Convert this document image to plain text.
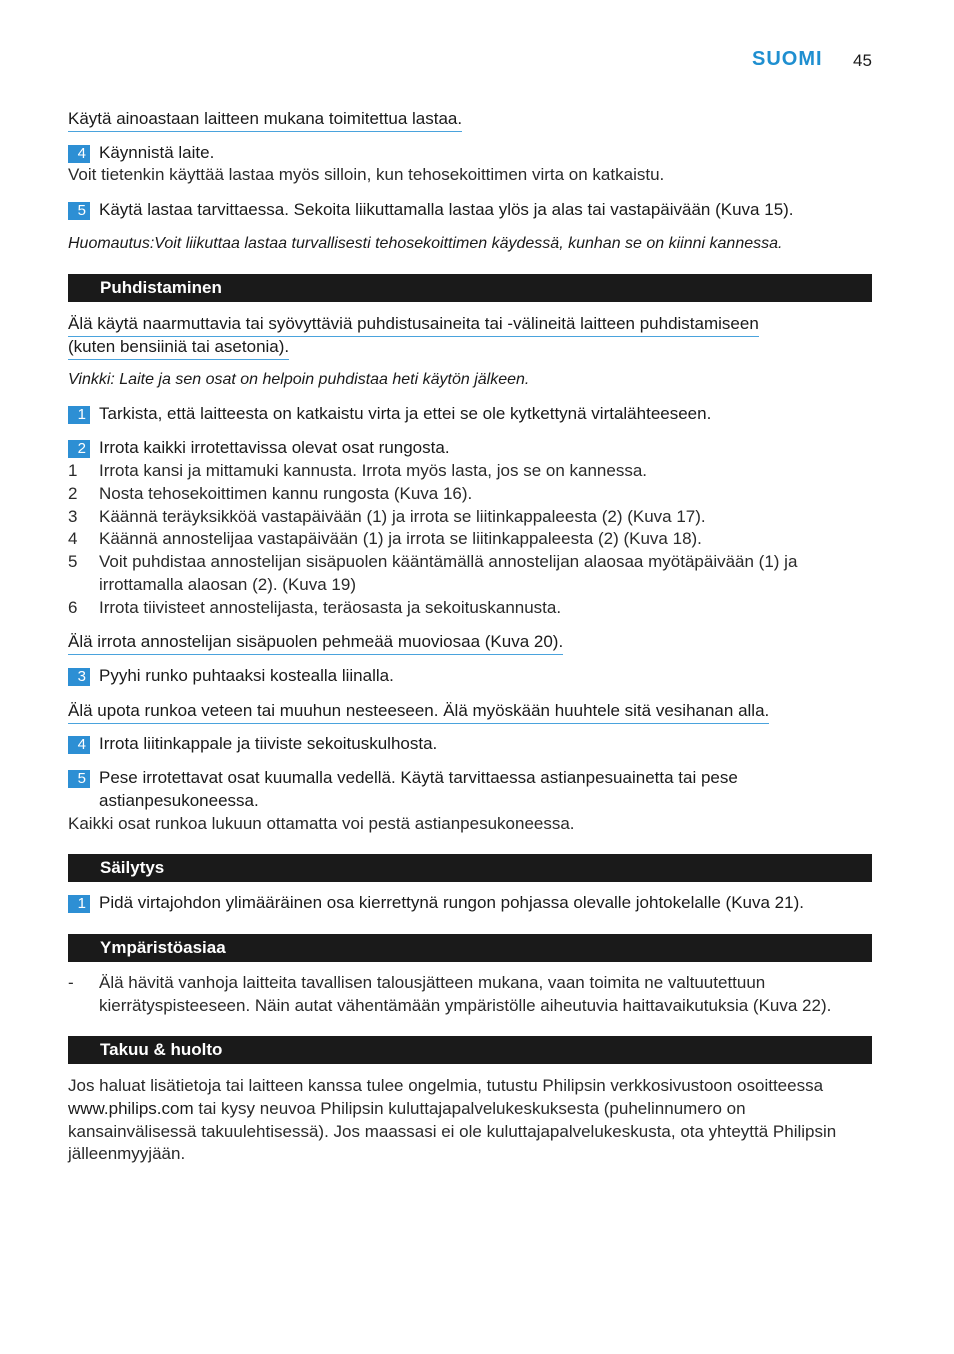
SUOMI 45
Käytä ainoastaan laitteen mukana toimitettua lastaa.
4 Käynnistä laite.
Voit tietenkin käyttää lastaa myös silloin, kun tehosekoittimen virta on katkaistu.
5 Käytä lastaa tarvittaessa. Sekoita liikuttamalla lastaa ylös ja alas tai vastapäivään (Kuva 15).
Huomautus:Voit liikuttaa lastaa turvallisesti tehosekoittimen käydessä, kunhan se on kiinni kannessa.
Puhdistaminen
Älä käytä naarmuttavia tai syövyttäviä puhdistusaineita tai -välineitä laitteen puhdistamiseen
(kuten bensiiniä tai asetonia).
Vinkki: Laite ja sen osat on helpoin puhdistaa heti käytön jälkeen.
1 Tarkista, että laitteesta on katkaistu virta ja ettei se ole kytkettynä virtalähteeseen.
2 Irrota kaikki irrotettavissa olevat osat rungosta.
1 Irrota kansi ja mittamuki kannusta. Irrota myös lasta, jos se on kannessa.
2 Nosta tehosekoittimen kannu rungosta (Kuva 16).
3 Käännä teräyksikköä vastapäivään (1) ja irrota se liitinkappaleesta (2) (Kuva 17).
4 Käännä annostelijaa vastapäivään (1) ja irrota se liitinkappaleesta (2) (Kuva 18).
5 Voit puhdistaa annostelijan sisäpuolen kääntämällä annostelijan alaosaa myötäpäivään (1) ja
irrottamalla alaosan (2). (Kuva 19)
6 Irrota tiivisteet annostelijasta, teräosasta ja sekoituskannusta.
Älä irrota annostelijan sisäpuolen pehmeää muoviosaa (Kuva 20).
3 Pyyhi runko puhtaaksi kostealla liinalla.
Älä upota runkoa veteen tai muuhun nesteeseen. Älä myöskään huuhtele sitä vesihanan alla.
4 Irrota liitinkappale ja tiiviste sekoituskulhosta.
5 Pese irrotettavat osat kuumalla vedellä. Käytä tarvittaessa astianpesuainetta tai pese
astianpesukoneessa.
Kaikki osat runkoa lukuun ottamatta voi pestä astianpesukoneessa.
Säilytys
1 Pidä virtajohdon ylimääräinen osa kierrettynä rungon pohjassa olevalle johtokelalle (Kuva 21).
Ympäristöasiaa
- Älä hävitä vanhoja laitteita tavallisen talousjätteen mukana, vaan toimita ne valtuutettuun
kierrätyspisteeseen. Näin autat vähentämään ympäristölle aiheutuvia haittavaikutuksia (Kuva 22).
Takuu & huolto
Jos haluat lisätietoja tai laitteen kanssa tulee ongelmia, tutustu Philipsin verkkosivustoon osoitteessa
www.philips.com tai kysy neuvoa Philipsin kuluttajapalvelukeskuksesta (puhelinnumero on
kansainvälisessä takuulehtisessä). Jos maassasi ei ole kuluttajapalvelukeskusta, ota yhteyttä Philipsin
jälleenmyyjään.
